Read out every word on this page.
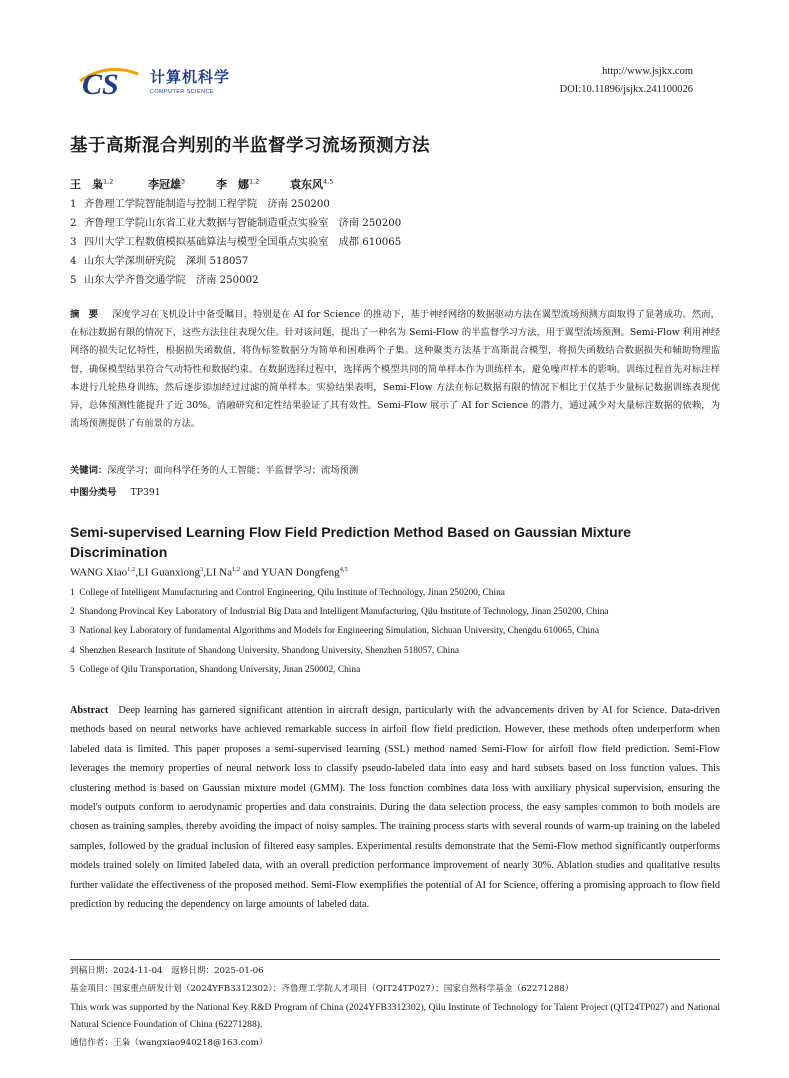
CS 计算机科学
COMPUTER SCIENCE
http://www.jsjkx.com
DOI:10.11896/jsjkx.241100026
基于高斯混合判别的半监督学习流场预测方法
王　枭$^{1,2}$	李冠雄$^3$	李　娜$^{1,2}$	袁东风$^{4,5}$
1 齐鲁理工学院智能制造与控制工程学院　济南 250200
2 齐鲁理工学院山东省工业大数据与智能制造重点实验室　济南 250200
3 四川大学工程数值模拟基础算法与模型全国重点实验室　成都 610065
4 山东大学深圳研究院　深圳 518057
5 山东大学齐鲁交通学院　济南 250002
摘　要 深度学习在飞机设计中备受瞩目，特别是在 AI for Science 的推动下，基于神经网络的数据驱动方法在翼型流场预测方面取得了显著成功。然而，在标注数据有限的情况下，这些方法往往表现欠佳。针对该问题，提出了一种名为 Semi-Flow 的半监督学习方法，用于翼型流场预测。Semi-Flow 利用神经网络的损失记忆特性，根据损失函数值，将伪标签数据分为简单和困难两个子集。这种聚类方法基于高斯混合模型，将损失函数结合数据损失和辅助物理监督，确保模型结果符合气动特性和数据约束。在数据选择过程中，选择两个模型共同的简单样本作为训练样本，避免噪声样本的影响。训练过程首先对标注样本进行几轮热身训练，然后逐步添加经过过滤的简单样本。实验结果表明，Semi-Flow 方法在标记数据有限的情况下相比于仅基于少量标记数据训练表现优异，总体预测性能提升了近 30%。消融研究和定性结果验证了其有效性。Semi-Flow 展示了 AI for Science 的潜力，通过减少对大量标注数据的依赖，为流场预测提供了有前景的方法。
关键词：深度学习；面向科学任务的人工智能；半监督学习；流场预测
中图分类号 TP391
Semi-supervised Learning Flow Field Prediction Method Based on Gaussian Mixture Discrimination
WANG Xiao$^{1,2}$,LI Guanxiong$^3$,LI Na$^{1,2}$ and YUAN Dongfeng$^{4,5}$
1 College of Intelligent Manufacturing and Control Engineering, Qilu Institute of Technology, Jinan 250200, China
2 Shandong Provincal Key Laboratory of Industrial Big Data and Intelligent Manufacturing, Qilu Institute of Technology, Jinan 250200, China
3 National key Laboratory of fundamental Algorithms and Models for Engineering Simulation, Sichuan University, Chengdu 610065, China
4 Shenzhen Research Institute of Shandong University, Shandong University, Shenzhen 518057, China
5 College of Qilu Transportation, Shandong University, Jinan 250002, China
Abstract Deep learning has garnered significant attention in aircraft design, particularly with the advancements driven by AI for Science. Data-driven methods based on neural networks have achieved remarkable success in airfoil flow field prediction. However, these methods often underperform when labeled data is limited. This paper proposes a semi-supervised learning (SSL) method named Semi-Flow for airfoil flow field prediction. Semi-Flow leverages the memory properties of neural network loss to classify pseudo-labeled data into easy and hard subsets based on loss function values. This clustering method is based on Gaussian mixture model (GMM). The loss function combines data loss with auxiliary physical supervision, ensuring the model's outputs conform to aerodynamic properties and data constraints. During the data selection process, the easy samples common to both models are chosen as training samples, thereby avoiding the impact of noisy samples. The training process starts with several rounds of warm-up training on the labeled samples, followed by the gradual inclusion of filtered easy samples. Experimental results demonstrate that the Semi-Flow method significantly outperforms models trained solely on limited labeled data, with an overall prediction performance improvement of nearly 30%. Ablation studies and qualitative results further validate the effectiveness of the proposed method. Semi-Flow exemplifies the potential of AI for Science, offering a promising approach to flow field prediction by reducing the dependency on large amounts of labeled data.
到稿日期：2024-11-04　返修日期：2025-01-06
基金项目：国家重点研发计划（2024YFB3312302）；齐鲁理工学院人才项目（QIT24TP027）；国家自然科学基金（62271288）
This work was supported by the National Key R&D Program of China (2024YFB3312302), Qilu Institute of Technology for Talent Project (QIT24TP027) and National Natural Science Foundation of China (62271288).
通信作者：王枭（wangxiao940218@163.com）
